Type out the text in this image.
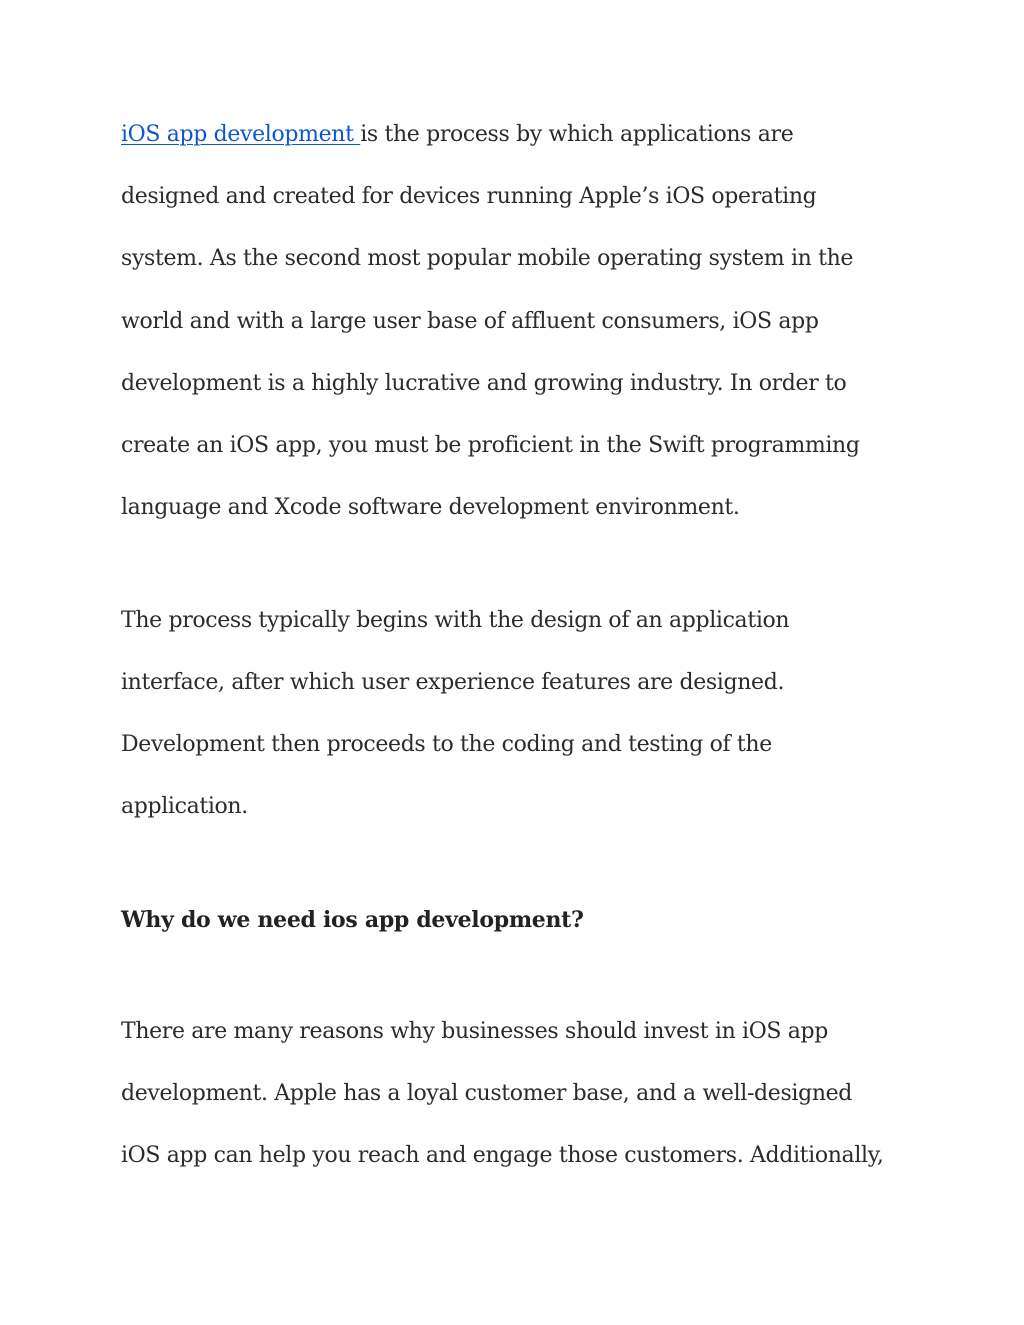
iOS app development is the process by which applications are
designed and created for devices running Apple’s iOS operating
system. As the second most popular mobile operating system in the
world and with a large user base of affluent consumers, iOS app
development is a highly lucrative and growing industry. In order to
create an iOS app, you must be proficient in the Swift programming
language and Xcode software development environment.
The process typically begins with the design of an application
interface, after which user experience features are designed.
Development then proceeds to the coding and testing of the
application.
Why do we need ios app development?
There are many reasons why businesses should invest in iOS app
development. Apple has a loyal customer base, and a well-designed
iOS app can help you reach and engage those customers. Additionally,
